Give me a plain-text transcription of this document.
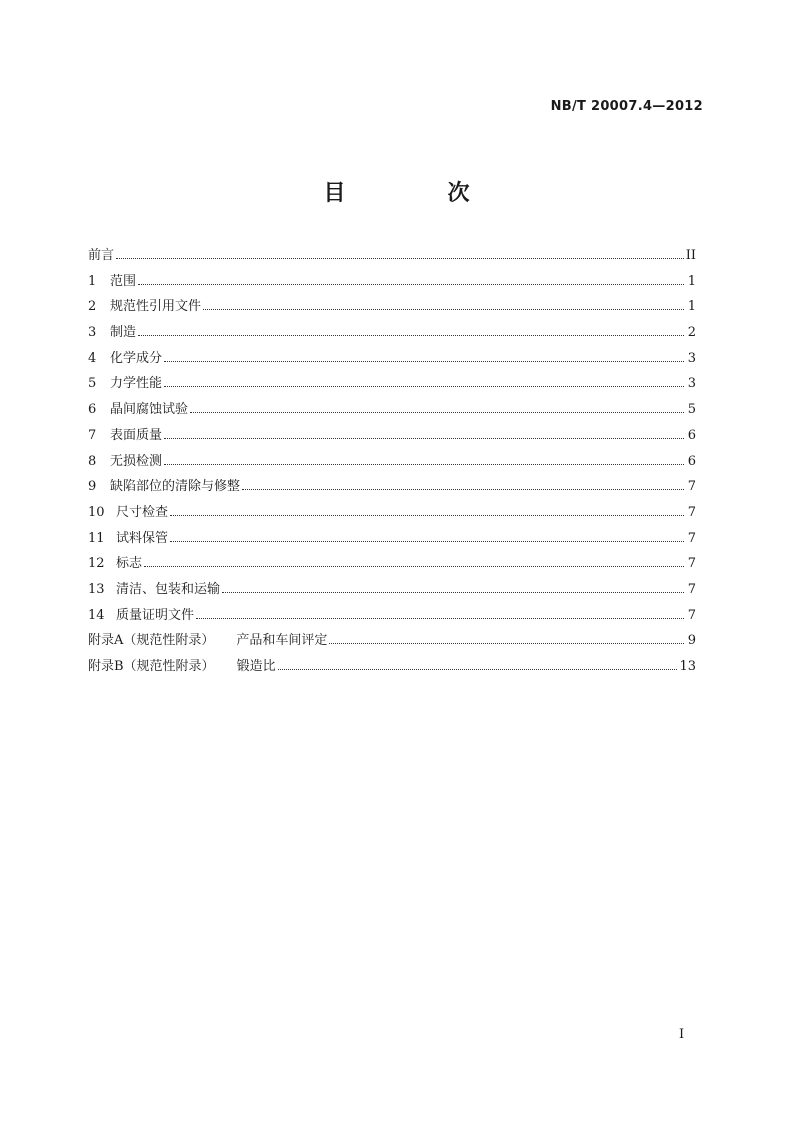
NB/T 20007.4—2012
目　次
前言	II
1	范围	1
2	规范性引用文件	1
3	制造	2
4	化学成分	3
5	力学性能	3
6	晶间腐蚀试验	5
7	表面质量	6
8	无损检测	6
9	缺陷部位的清除与修整	7
10 尺寸检查	7
11 试料保管	7
12 标志	7
13 清洁、包装和运输	7
14 质量证明文件	7
附录A（规范性附录） 产品和车间评定	9
附录B（规范性附录） 锻造比	13
I
